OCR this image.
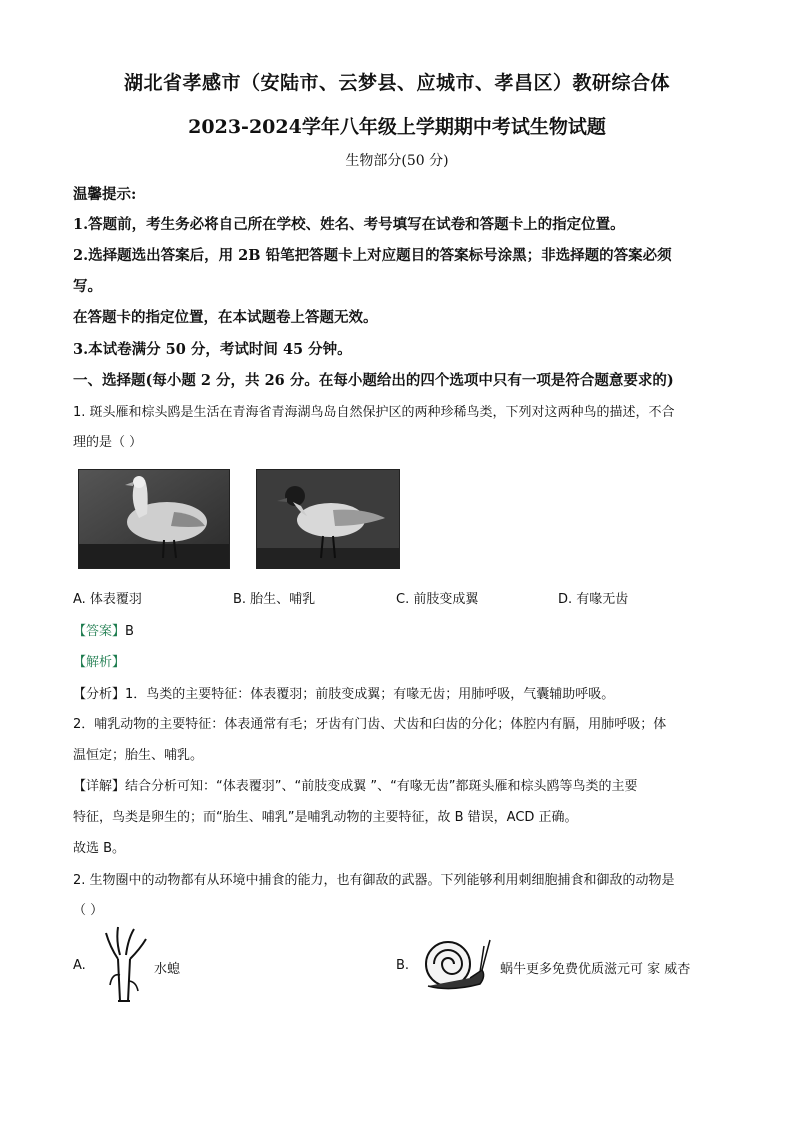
湖北省孝感市（安陆市、云梦县、应城市、孝昌区）教研综合体
2023-2024学年八年级上学期期中考试生物试题
生物部分(50 分)
温馨提示:
1.答题前，考生务必将自己所在学校、姓名、考号填写在试卷和答题卡上的指定位置。
2.选择题选出答案后，用 2B 铅笔把答题卡上对应题目的答案标号涂黑；非选择题的答案必须
写。
在答题卡的指定位置，在本试题卷上答题无效。
3.本试卷满分 50 分，考试时间 45 分钟。
一、选择题(每小题 2 分，共 26 分。在每小题给出的四个选项中只有一项是符合题意要求的)
1. 斑头雁和棕头鸥是生活在青海省青海湖鸟岛自然保护区的两种珍稀鸟类，下列对这两种鸟的描述，不合
理的是（ ）
A. 体表覆羽	B. 胎生、哺乳	C. 前肢变成翼	D. 有喙无齿
【答案】B
【解析】
【分析】1．鸟类的主要特征：体表覆羽；前肢变成翼；有喙无齿；用肺呼吸，气囊辅助呼吸。
2．哺乳动物的主要特征：体表通常有毛；牙齿有门齿、犬齿和臼齿的分化；体腔内有膈，用肺呼吸；体
温恒定；胎生、哺乳。
【详解】结合分析可知：“体表覆羽”、“前肢变成翼 ”、“有喙无齿”都斑头雁和棕头鸥等鸟类的主要
特征，鸟类是卵生的；而“胎生、哺乳”是哺乳动物的主要特征，故 B 错误，ACD 正确。
故选 B。
2. 生物圈中的动物都有从环境中捕食的能力，也有御敌的武器。下列能够利用刺细胞捕食和御敌的动物是
（ ）
A.	水螅	B.	蜗牛更多免费优质滋元可 家 威杏
